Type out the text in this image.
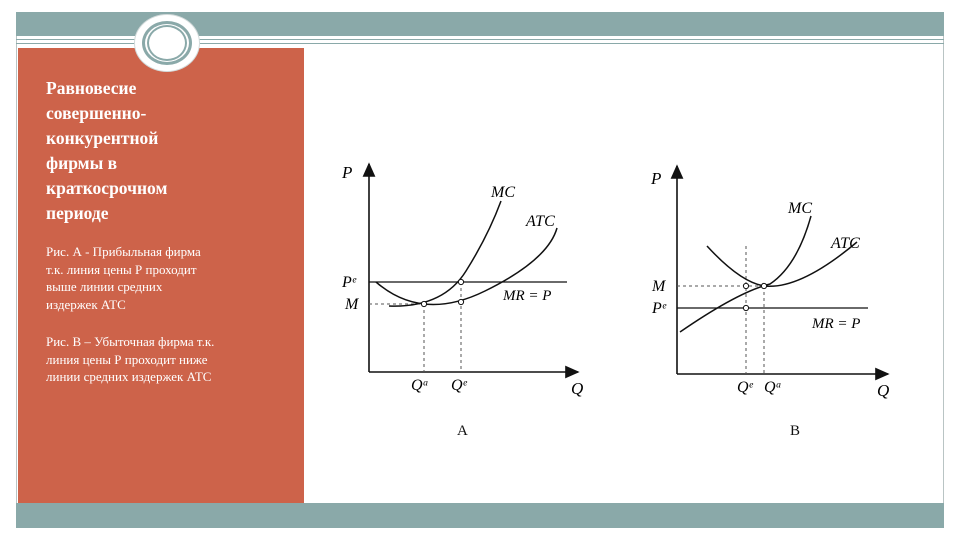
Равновесие
совершенно-
конкурентной
фирмы в
краткосрочном
периоде
Рис. А - Прибыльная фирма
т.к. линия цены Р проходит
выше линии средних
издержек АТС
Рис. В – Убыточная фирма т.к.
линия цены Р проходит ниже
линии средних издержек АТС
P
Q
MR = P
MC
ATC
Pᵉ
M
Qᵃ Qᵉ
А
P
Q
MR = P
MC
ATC
M
Pᵉ
Qᵉ Qᵃ
В
